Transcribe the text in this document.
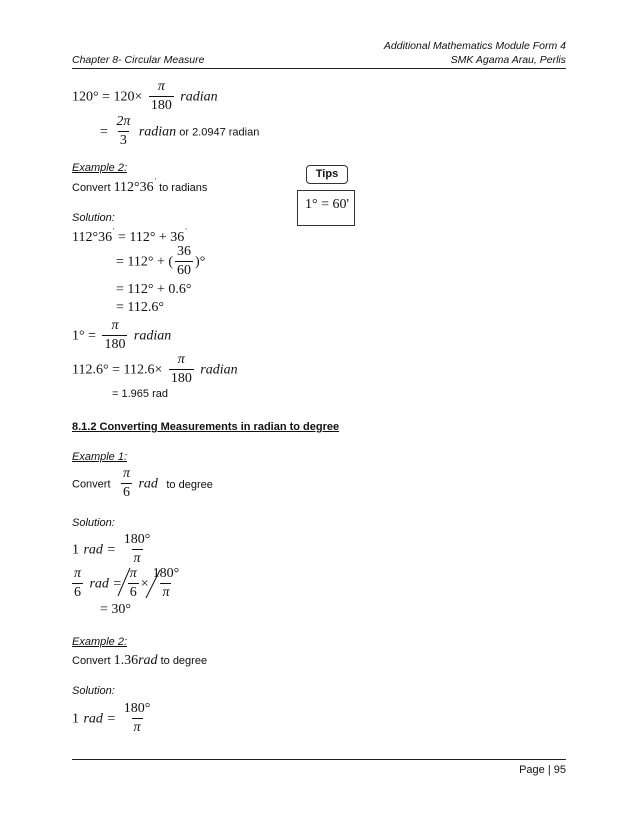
Additional Mathematics Module Form 4
Chapter 8- Circular Measure	SMK Agama Arau, Perlis
$120^\circ = 120\times \frac{\pi}{180}$ radian
= $\frac{2\pi}{3}$ radian or 2.0947 radian
Example 2:
Convert 112°36' to radians
1° = 60'
Tips
Solution:
112°36' = 112° + 36'
= 112° + ( $\frac{36}{60}$ )°
= 112° + 0.6°
= 112.6°
$1^\circ = \frac{\pi}{180}$ radian
$112.6^\circ = 112.6\times \frac{\pi}{180}$ radian
= 1.965 rad
8.1.2 Converting Measurements in radian to degree
Example 1:
Convert $\frac{\pi}{6}$ rad to degree
Solution:
1 rad = $\frac{180^\circ}{\pi}$
$\frac{\pi}{6}$ rad = $\frac{\pi}{6} \times \frac{180^\circ}{\pi}$
= 30°
Example 2:
Convert 1.36rad to degree
Solution:
1 rad = $\frac{180^\circ}{\pi}$
Page | 95
